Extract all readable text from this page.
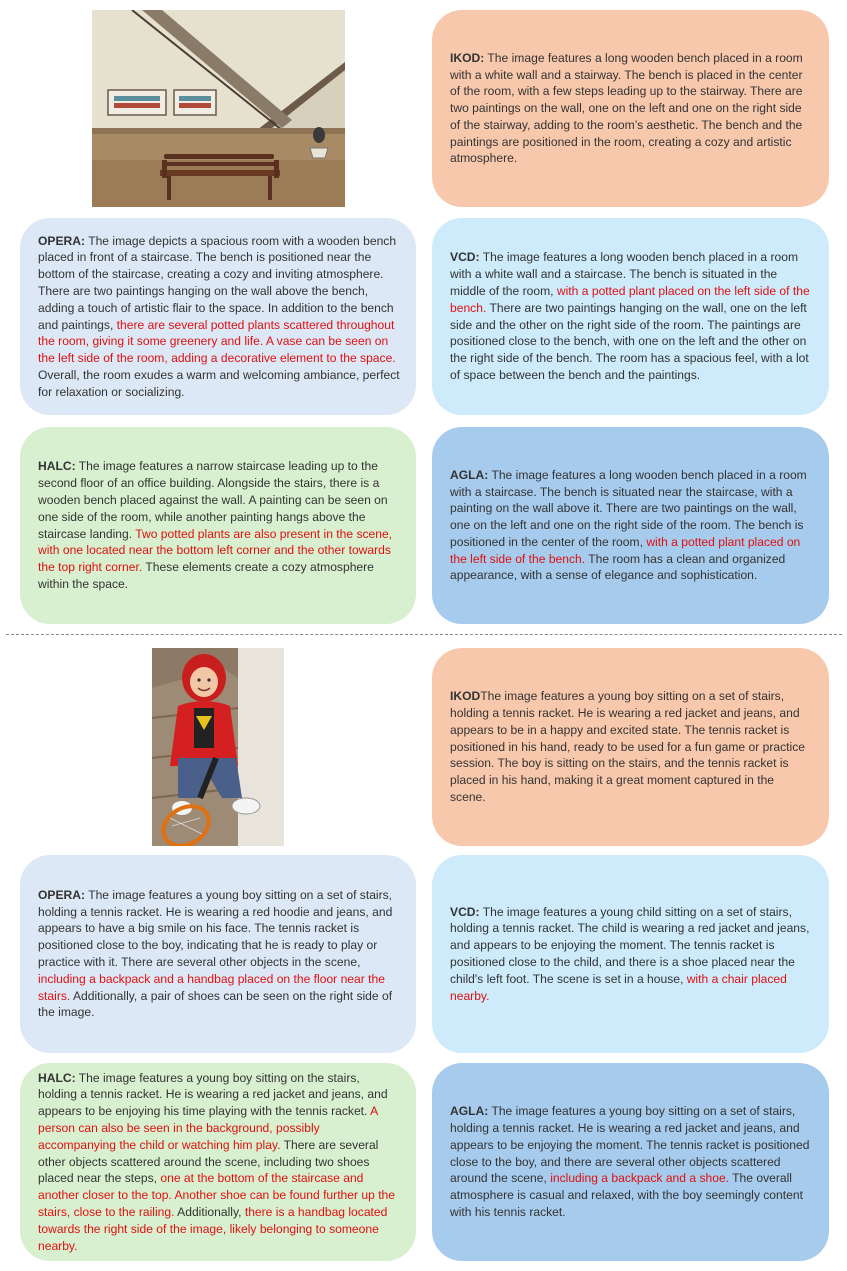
IKOD: The image features a long wooden bench placed in a room with a white wall and a stairway. The bench is placed in the center of the room, with a few steps leading up to the stairway. There are two paintings on the wall, one on the left and one on the right side of the stairway, adding to the room’s aesthetic. The bench and the paintings are positioned in the room, creating a cozy and artistic atmosphere.

OPERA: The image depicts a spacious room with a wooden bench placed in front of a staircase. The bench is positioned near the bottom of the staircase, creating a cozy and inviting atmosphere. There are two paintings hanging on the wall above the bench, adding a touch of artistic flair to the space. In addition to the bench and paintings, there are several potted plants scattered throughout the room, giving it some greenery and life. A vase can be seen on the left side of the room, adding a decorative element to the space. Overall, the room exudes a warm and welcoming ambiance, perfect for relaxation or socializing.

VCD: The image features a long wooden bench placed in a room with a white wall and a staircase. The bench is situated in the middle of the room, with a potted plant placed on the left side of the bench. There are two paintings hanging on the wall, one on the left side and the other on the right side of the room. The paintings are positioned close to the bench, with one on the left and the other on the right side of the bench. The room has a spacious feel, with a lot of space between the bench and the paintings.

HALC: The image features a narrow staircase leading up to the second floor of an office building. Alongside the stairs, there is a wooden bench placed against the wall. A painting can be seen on one side of the room, while another painting hangs above the staircase landing. Two potted plants are also present in the scene, with one located near the bottom left corner and the other towards the top right corner. These elements create a cozy atmosphere within the space.

AGLA: The image features a long wooden bench placed in a room with a staircase. The bench is situated near the staircase, with a painting on the wall above it. There are two paintings on the wall, one on the left and one on the right side of the room. The bench is positioned in the center of the room, with a potted plant placed on the left side of the bench. The room has a clean and organized appearance, with a sense of elegance and sophistication.

IKODThe image features a young boy sitting on a set of stairs, holding a tennis racket. He is wearing a red jacket and jeans, and appears to be in a happy and excited state. The tennis racket is positioned in his hand, ready to be used for a fun game or practice session. The boy is sitting on the stairs, and the tennis racket is placed in his hand, making it a great moment captured in the scene.

OPERA: The image features a young boy sitting on a set of stairs, holding a tennis racket. He is wearing a red hoodie and jeans, and appears to have a big smile on his face. The tennis racket is positioned close to the boy, indicating that he is ready to play or practice with it. There are several other objects in the scene, including a backpack and a handbag placed on the floor near the stairs. Additionally, a pair of shoes can be seen on the right side of the image.

VCD: The image features a young child sitting on a set of stairs, holding a tennis racket. The child is wearing a red jacket and jeans, and appears to be enjoying the moment. The tennis racket is positioned close to the child, and there is a shoe placed near the child's left foot. The scene is set in a house, with a chair placed nearby.

HALC: The image features a young boy sitting on the stairs, holding a tennis racket. He is wearing a red jacket and jeans, and appears to be enjoying his time playing with the tennis racket. A person can also be seen in the background, possibly accompanying the child or watching him play. There are several other objects scattered around the scene, including two shoes placed near the steps, one at the bottom of the staircase and another closer to the top. Another shoe can be found further up the stairs, close to the railing. Additionally, there is a handbag located towards the right side of the image, likely belonging to someone nearby.

AGLA: The image features a young boy sitting on a set of stairs, holding a tennis racket. He is wearing a red jacket and jeans, and appears to be enjoying the moment. The tennis racket is positioned close to the boy, and there are several other objects scattered around the scene, including a backpack and a shoe. The overall atmosphere is casual and relaxed, with the boy seemingly content with his tennis racket.
